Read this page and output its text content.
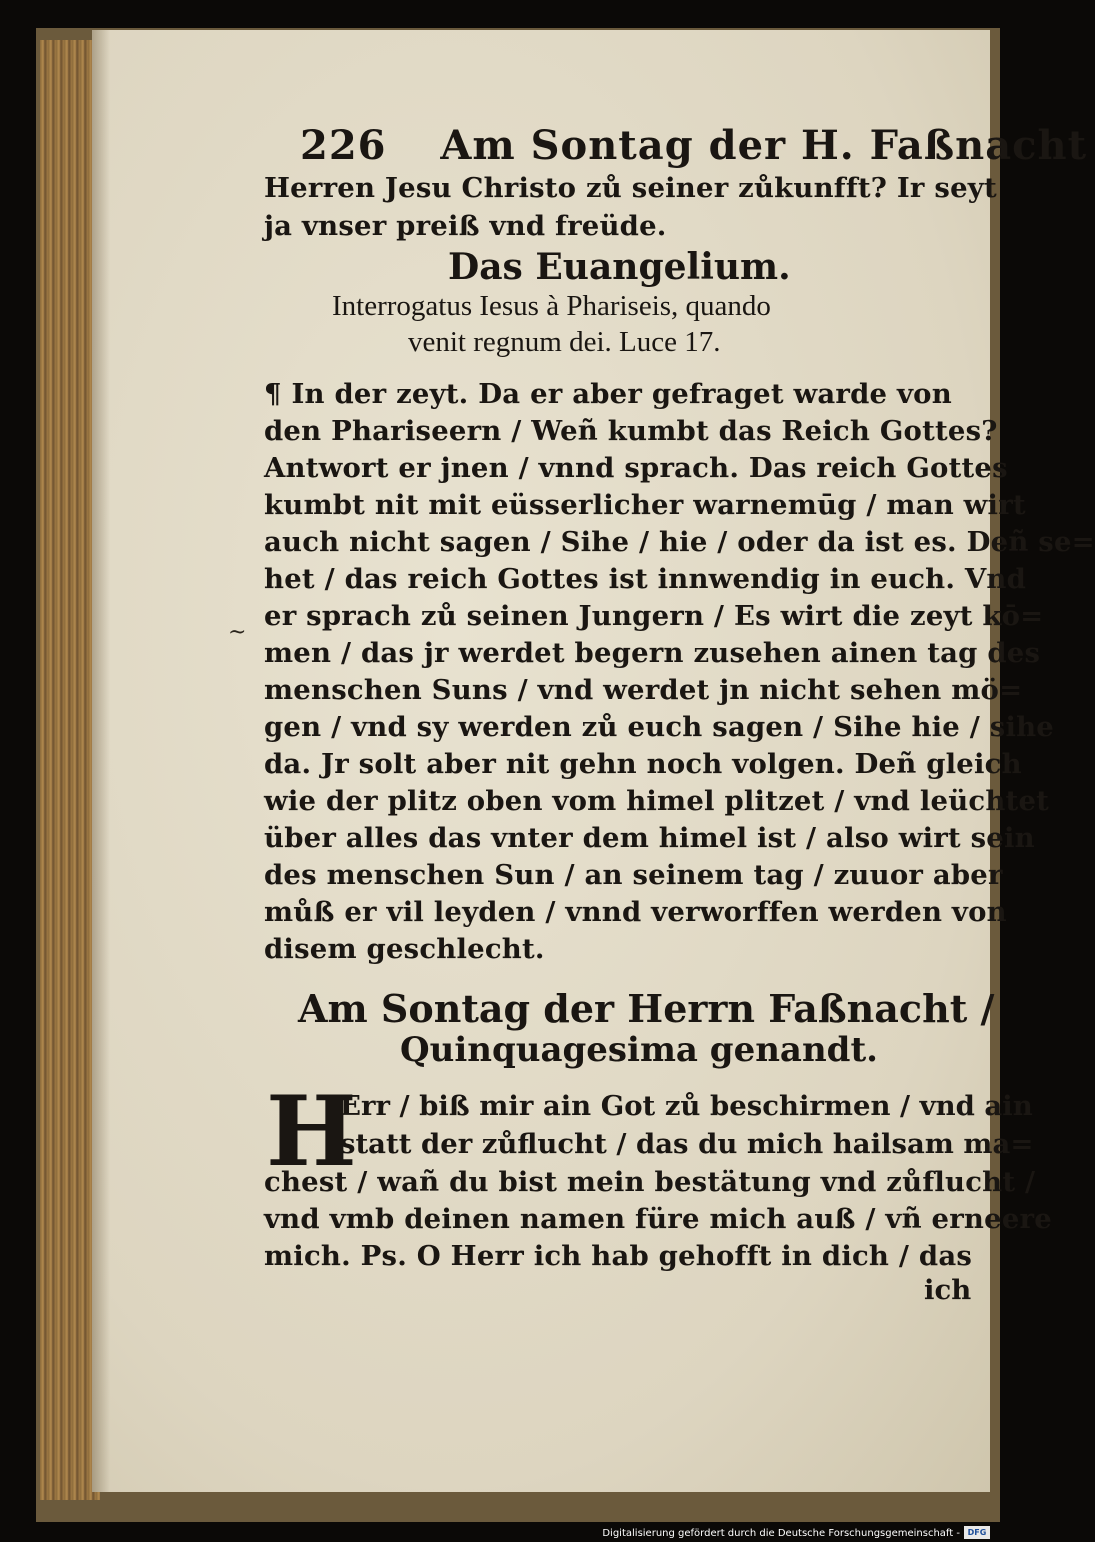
226 Am Sontag der H. Faßnacht
Herren Jesu Christo zů seiner zůkunfft? Ir seyt
ja vnser preiß vnd freüde.
Das Euangelium.
Interrogatus Iesus à Phariseis, quando
venit regnum dei. Luce 17.
¶ In der zeyt. Da er aber gefraget warde von
den Phariseern / Weñ kumbt das Reich Gottes?
Antwort er jnen / vnnd sprach. Das reich Gottes
kumbt nit mit eüsserlicher warnemūg / man wirt
auch nicht sagen / Sihe / hie / oder da ist es. Deñ se=
het / das reich Gottes ist innwendig in euch. Vnd
er sprach zů seinen Jungern / Es wirt die zeyt kō=
men / das jr werdet begern zusehen ainen tag des
menschen Suns / vnd werdet jn nicht sehen mö=
gen / vnd sy werden zů euch sagen / Sihe hie / sihe
da. Jr solt aber nit gehn noch volgen. Deñ gleich
wie der plitz oben vom himel plitzet / vnd leüchtet
über alles das vnter dem himel ist / also wirt sein
des menschen Sun / an seinem tag / zuuor aber
můß er vil leyden / vnnd verworffen werden von
disem geschlecht.
~
Am Sontag der Herrn Faßnacht /
Quinquagesima genandt.
H
Err / biß mir ain Got zů beschirmen / vnd ain
statt der zůflucht / das du mich hailsam ma=
chest / wañ du bist mein bestätung vnd zůflucht /
vnd vmb deinen namen füre mich auß / vñ erneere
mich. Ps. O Herr ich hab gehofft in dich / das
ich
Digitalisierung gefördert durch die Deutsche Forschungsgemeinschaft - DFG
